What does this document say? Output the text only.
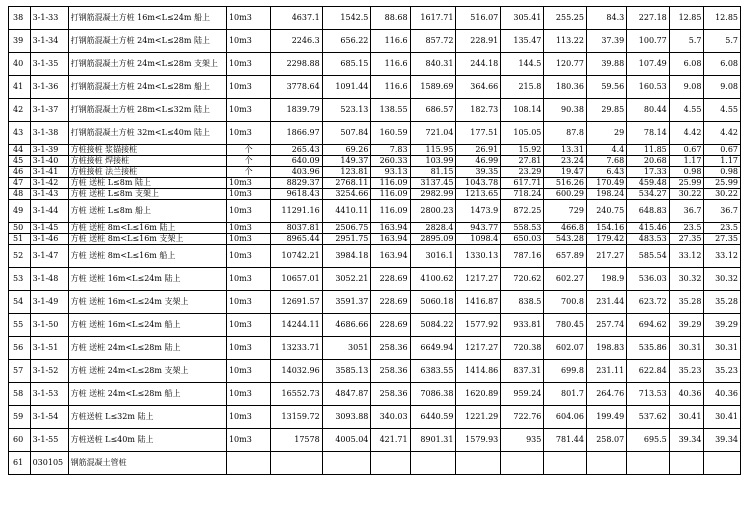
38	3-1-33	打钢筋混凝土方桩 16m<L≤24m 船上	10m3	4637.1	1542.5	88.68	1617.71	516.07	305.41	255.25	84.3	227.18	12.85	12.85
39	3-1-34	打钢筋混凝土方桩 24m<L≤28m 陆上	10m3	2246.3	656.22	116.6	857.72	228.91	135.47	113.22	37.39	100.77	5.7	5.7
40	3-1-35	打钢筋混凝土方桩 24m<L≤28m 支架上	10m3	2298.88	685.15	116.6	840.31	244.18	144.5	120.77	39.88	107.49	6.08	6.08
41	3-1-36	打钢筋混凝土方桩 24m<L≤28m 船上	10m3	3778.64	1091.44	116.6	1589.69	364.66	215.8	180.36	59.56	160.53	9.08	9.08
42	3-1-37	打钢筋混凝土方桩 28m<L≤32m 陆上	10m3	1839.79	523.13	138.55	686.57	182.73	108.14	90.38	29.85	80.44	4.55	4.55
43	3-1-38	打钢筋混凝土方桩 32m<L≤40m 陆上	10m3	1866.97	507.84	160.59	721.04	177.51	105.05	87.8	29	78.14	4.42	4.42
44	3-1-39	方桩接桩 浆锚接桩	个	265.43	69.26	7.83	115.95	26.91	15.92	13.31	4.4	11.85	0.67	0.67
45	3-1-40	方桩接桩 焊接桩	个	640.09	149.37	260.33	103.99	46.99	27.81	23.24	7.68	20.68	1.17	1.17
46	3-1-41	方桩接桩 法兰接桩	个	403.96	123.81	93.13	81.15	39.35	23.29	19.47	6.43	17.33	0.98	0.98
47	3-1-42	方桩 送桩 L≤8m 陆上	10m3	8829.37	2768.11	116.09	3137.45	1043.78	617.71	516.26	170.49	459.48	25.99	25.99
48	3-1-43	方桩 送桩 L≤8m 支架上	10m3	9618.43	3254.66	116.09	2982.99	1213.65	718.24	600.29	198.24	534.27	30.22	30.22
49	3-1-44	方桩 送桩 L≤8m 船上	10m3	11291.16	4410.11	116.09	2800.23	1473.9	872.25	729	240.75	648.83	36.7	36.7
50	3-1-45	方桩 送桩 8m<L≤16m 陆上	10m3	8037.81	2506.75	163.94	2828.4	943.77	558.53	466.8	154.16	415.46	23.5	23.5
51	3-1-46	方桩 送桩 8m<L≤16m 支架上	10m3	8965.44	2951.75	163.94	2895.09	1098.4	650.03	543.28	179.42	483.53	27.35	27.35
52	3-1-47	方桩 送桩 8m<L≤16m 船上	10m3	10742.21	3984.18	163.94	3016.1	1330.13	787.16	657.89	217.27	585.54	33.12	33.12
53	3-1-48	方桩 送桩 16m<L≤24m 陆上	10m3	10657.01	3052.21	228.69	4100.62	1217.27	720.62	602.27	198.9	536.03	30.32	30.32
54	3-1-49	方桩 送桩 16m<L≤24m 支架上	10m3	12691.57	3591.37	228.69	5060.18	1416.87	838.5	700.8	231.44	623.72	35.28	35.28
55	3-1-50	方桩 送桩 16m<L≤24m 船上	10m3	14244.11	4686.66	228.69	5084.22	1577.92	933.81	780.45	257.74	694.62	39.29	39.29
56	3-1-51	方桩 送桩 24m<L≤28m 陆上	10m3	13233.71	3051	258.36	6649.94	1217.27	720.38	602.07	198.83	535.86	30.31	30.31
57	3-1-52	方桩 送桩 24m<L≤28m 支架上	10m3	14032.96	3585.13	258.36	6383.55	1414.86	837.31	699.8	231.11	622.84	35.23	35.23
58	3-1-53	方桩 送桩 24m<L≤28m 船上	10m3	16552.73	4847.87	258.36	7086.38	1620.89	959.24	801.7	264.76	713.53	40.36	40.36
59	3-1-54	方桩送桩 L≤32m 陆上	10m3	13159.72	3093.88	340.03	6440.59	1221.29	722.76	604.06	199.49	537.62	30.41	30.41
60	3-1-55	方桩送桩 L≤40m 陆上	10m3	17578	4005.04	421.71	8901.31	1579.93	935	781.44	258.07	695.5	39.34	39.34
61	030105	钢筋混凝土管桩												
